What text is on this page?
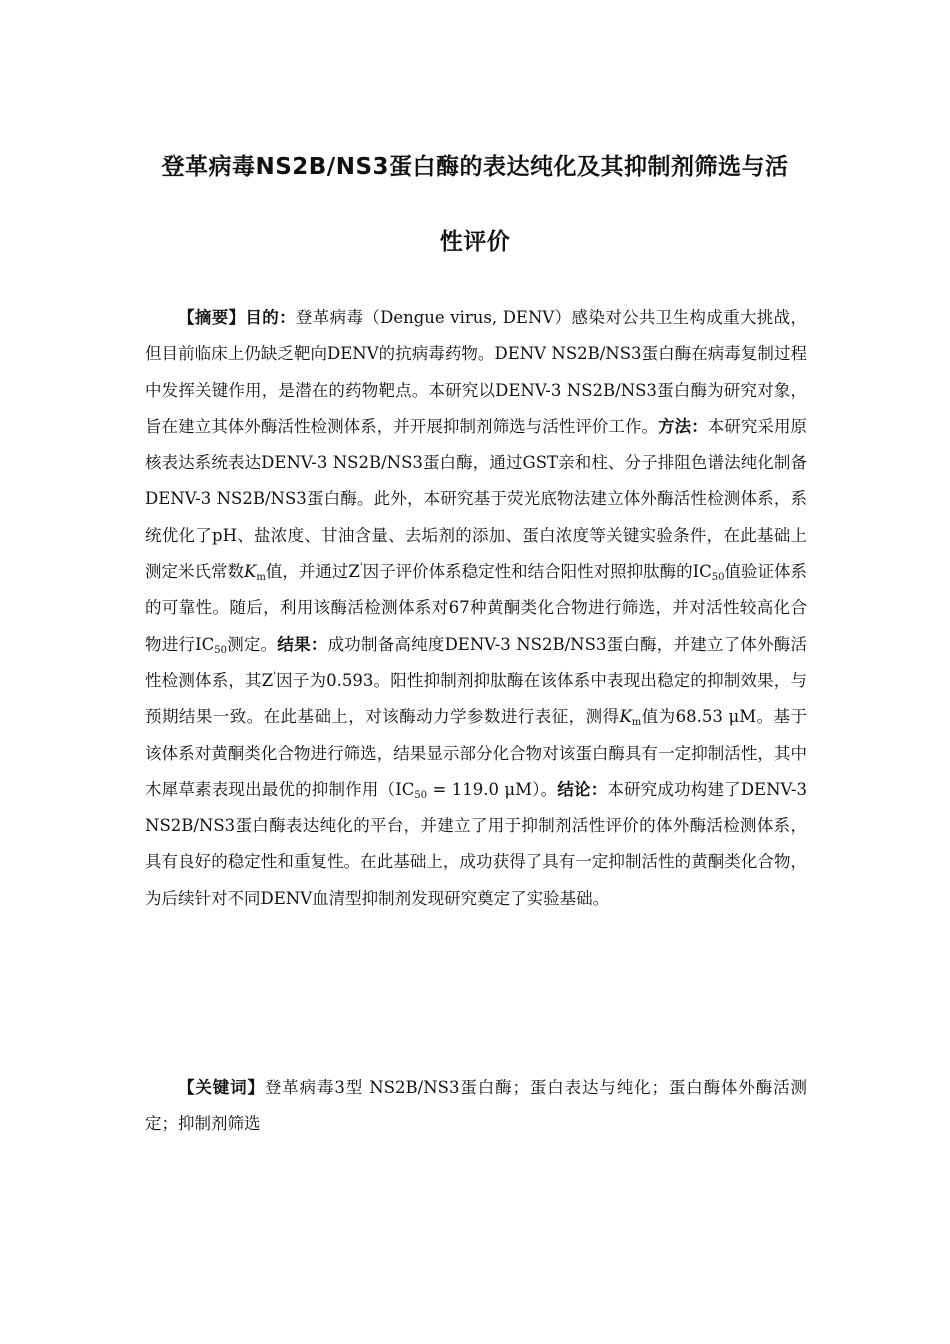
登革病毒NS2B/NS3蛋白酶的表达纯化及其抑制剂筛选与活
性评价
【摘要】目的：登革病毒（Dengue virus, DENV）感染对公共卫生构成重大挑战，但目前临床上仍缺乏靶向DENV的抗病毒药物。DENV NS2B/NS3蛋白酶在病毒复制过程中发挥关键作用，是潜在的药物靶点。本研究以DENV-3 NS2B/NS3蛋白酶为研究对象，旨在建立其体外酶活性检测体系，并开展抑制剂筛选与活性评价工作。方法：本研究采用原核表达系统表达DENV-3 NS2B/NS3蛋白酶，通过GST亲和柱、分子排阻色谱法纯化制备DENV-3 NS2B/NS3蛋白酶。此外，本研究基于荧光底物法建立体外酶活性检测体系，系统优化了pH、盐浓度、甘油含量、去垢剂的添加、蛋白浓度等关键实验条件，在此基础上测定米氏常数$K_m$值，并通过Z'因子评价体系稳定性和结合阳性对照抑肽酶的$IC_{50}$值验证体系的可靠性。随后，利用该酶活检测体系对67种黄酮类化合物进行筛选，并对活性较高化合物进行$IC_{50}$测定。结果：成功制备高纯度DENV-3 NS2B/NS3蛋白酶，并建立了体外酶活性检测体系，其Z'因子为0.593。阳性抑制剂抑肽酶在该体系中表现出稳定的抑制效果，与预期结果一致。在此基础上，对该酶动力学参数进行表征，测得$K_m$值为68.53 μM。基于该体系对黄酮类化合物进行筛选，结果显示部分化合物对该蛋白酶具有一定抑制活性，其中木犀草素表现出最优的抑制作用（$IC_{50} = 119.0$ μM）。结论：本研究成功构建了DENV-3 NS2B/NS3蛋白酶表达纯化的平台，并建立了用于抑制剂活性评价的体外酶活检测体系，具有良好的稳定性和重复性。在此基础上，成功获得了具有一定抑制活性的黄酮类化合物，为后续针对不同DENV血清型抑制剂发现研究奠定了实验基础。
【关键词】登革病毒3型 NS2B/NS3蛋白酶；蛋白表达与纯化；蛋白酶体外酶活测定；抑制剂筛选
